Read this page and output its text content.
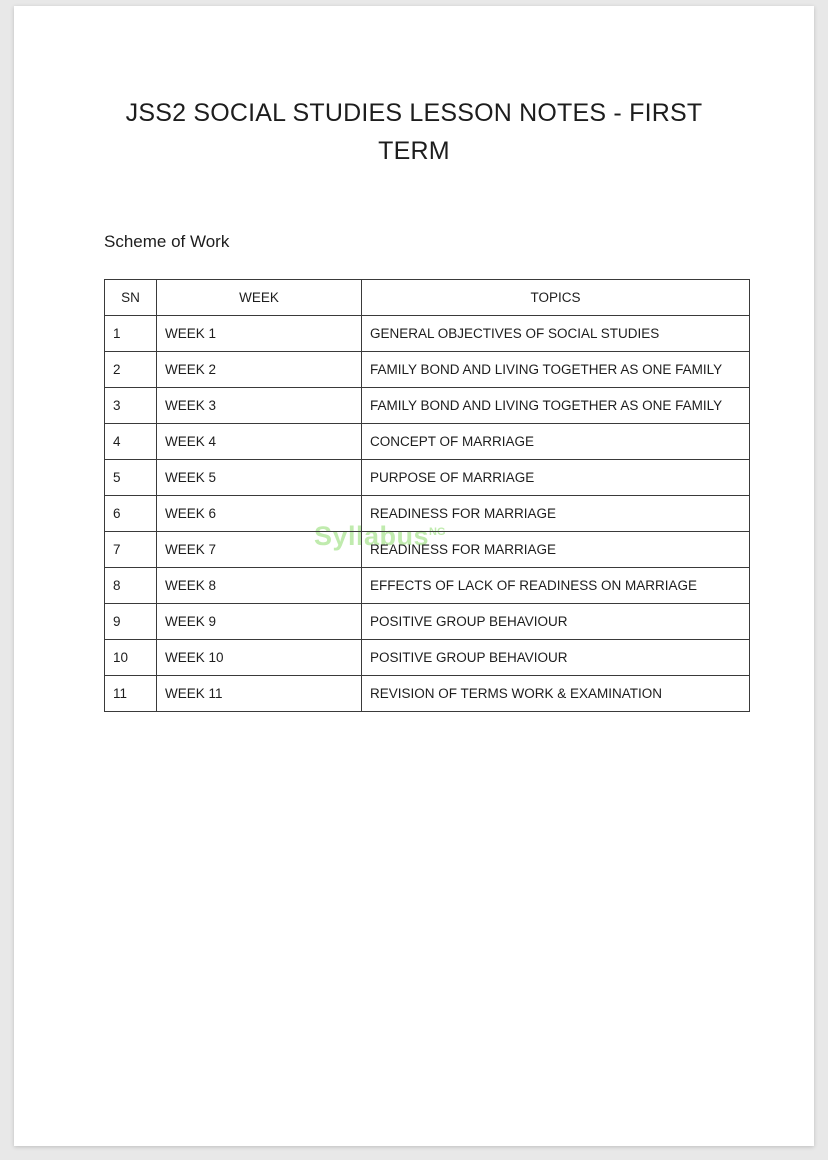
JSS2 SOCIAL STUDIES LESSON NOTES - FIRST TERM
Scheme of Work
Syllabus$^{NG}$
SN	WEEK	TOPICS
1	WEEK 1	GENERAL OBJECTIVES OF SOCIAL STUDIES
2	WEEK 2	FAMILY BOND AND LIVING TOGETHER AS ONE FAMILY
3	WEEK 3	FAMILY BOND AND LIVING TOGETHER AS ONE FAMILY
4	WEEK 4	CONCEPT OF MARRIAGE
5	WEEK 5	PURPOSE OF MARRIAGE
6	WEEK 6	READINESS FOR MARRIAGE
7	WEEK 7	READINESS FOR MARRIAGE
8	WEEK 8	EFFECTS OF LACK OF READINESS ON MARRIAGE
9	WEEK 9	POSITIVE GROUP BEHAVIOUR
10	WEEK 10	POSITIVE GROUP BEHAVIOUR
11	WEEK 11	REVISION OF TERMS WORK & EXAMINATION
